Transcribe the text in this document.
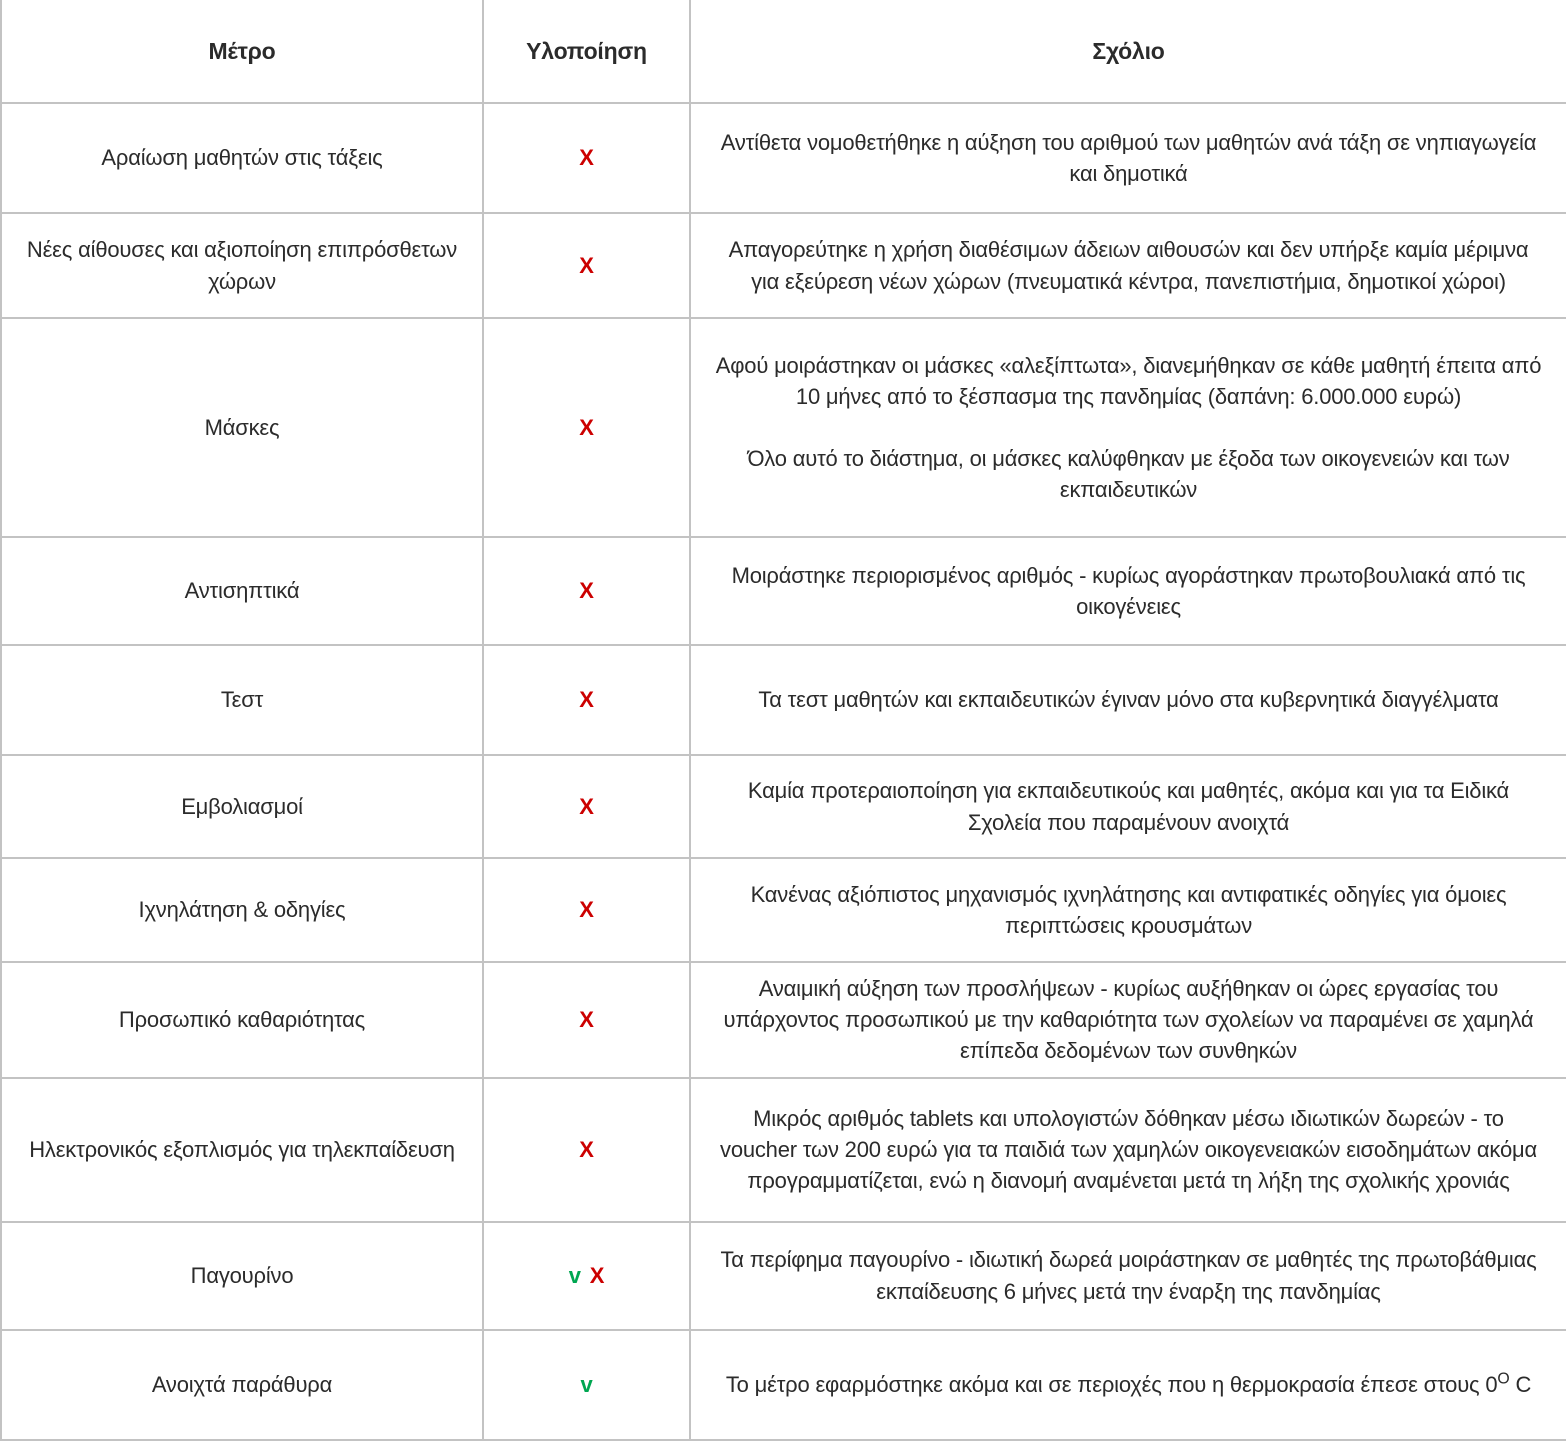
Μέτρο	Υλοποίηση	Σχόλιο
Αραίωση μαθητών στις τάξεις	X	Αντίθετα νομοθετήθηκε η αύξηση του αριθμού των μαθητών ανά τάξη σε νηπιαγωγεία και δημοτικά

Νέες αίθουσες και αξιοποίηση επιπρόσθετων χώρων	X	Απαγορεύτηκε η χρήση διαθέσιμων άδειων αιθουσών και δεν υπήρξε καμία μέριμνα για εξεύρεση νέων χώρων (πνευματικά κέντρα, πανεπιστήμια, δημοτικοί χώροι)

Μάσκες	X	Αφού μοιράστηκαν οι μάσκες «αλεξίπτωτα», διανεμήθηκαν σε κάθε μαθητή έπειτα από 10 μήνες από το ξέσπασμα της πανδημίας (δαπάνη: 6.000.000 ευρώ)
Όλο αυτό το διάστημα, οι μάσκες καλύφθηκαν με έξοδα των οικογενειών και των εκπαιδευτικών

Αντισηπτικά	X	Μοιράστηκε περιορισμένος αριθμός - κυρίως αγοράστηκαν πρωτοβουλιακά από τις οικογένειες

Τεστ	X	Τα τεστ μαθητών και εκπαιδευτικών έγιναν μόνο στα κυβερνητικά διαγγέλματα

Εμβολιασμοί	X	Καμία προτεραιοποίηση για εκπαιδευτικούς και μαθητές, ακόμα και για τα Ειδικά Σχολεία που παραμένουν ανοιχτά

Ιχνηλάτηση & οδηγίες	X	Κανένας αξιόπιστος μηχανισμός ιχνηλάτησης και αντιφατικές οδηγίες για όμοιες περιπτώσεις κρουσμάτων

Προσωπικό καθαριότητας	X	Αναιμική αύξηση των προσλήψεων - κυρίως αυξήθηκαν οι ώρες εργασίας του υπάρχοντος προσωπικού με την καθαριότητα των σχολείων να παραμένει σε χαμηλά επίπεδα δεδομένων των συνθηκών

Ηλεκτρονικός εξοπλισμός για τηλεκπαίδευση	X	Μικρός αριθμός tablets και υπολογιστών δόθηκαν μέσω ιδιωτικών δωρεών - το voucher των 200 ευρώ για τα παιδιά των χαμηλών οικογενειακών εισοδημάτων ακόμα προγραμματίζεται, ενώ η διανομή αναμένεται μετά τη λήξη της σχολικής χρονιάς

Παγουρίνο	v X	Τα περίφημα παγουρίνο - ιδιωτική δωρεά μοιράστηκαν σε μαθητές της πρωτοβάθμιας εκπαίδευσης 6 μήνες μετά την έναρξη της πανδημίας

Ανοιχτά παράθυρα	v	Το μέτρο εφαρμόστηκε ακόμα και σε περιοχές που η θερμοκρασία έπεσε στους $0^O$ C
